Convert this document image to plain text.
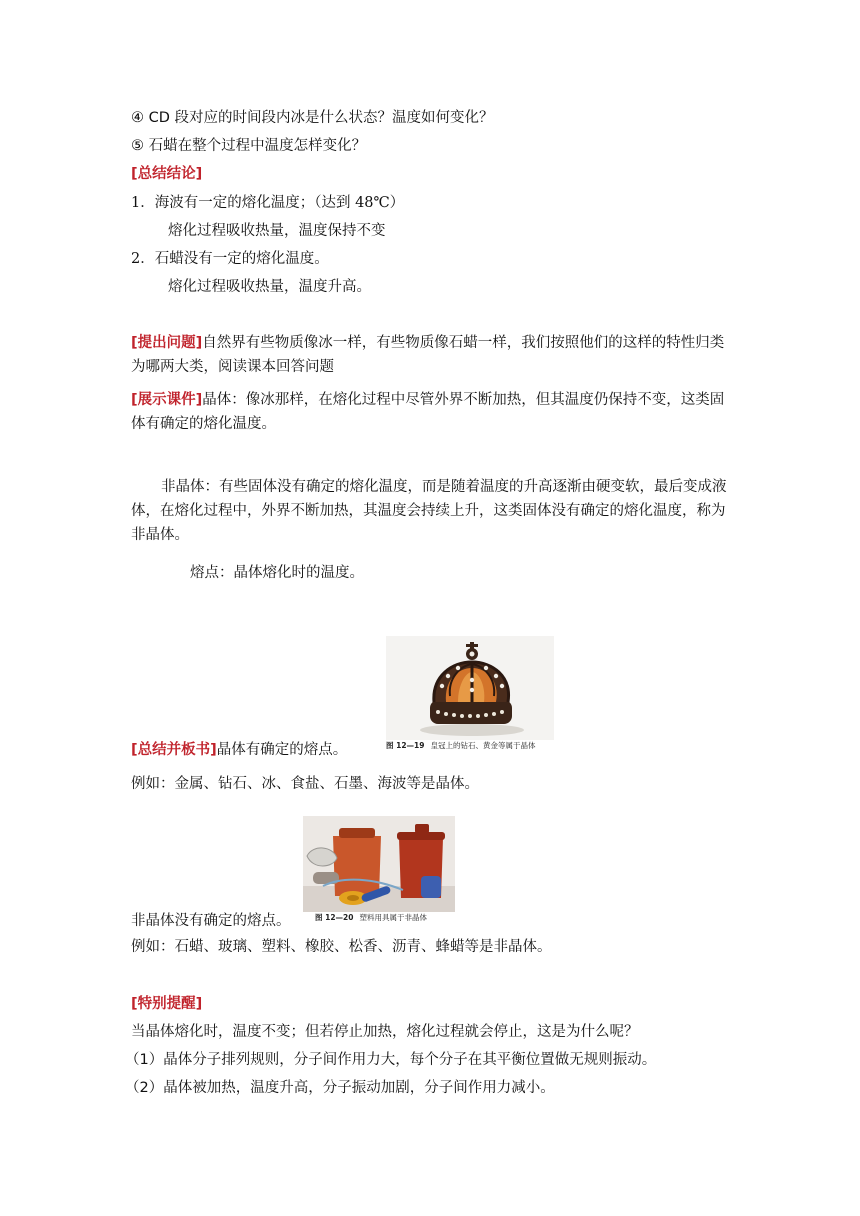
④ CD 段对应的时间段内冰是什么状态？温度如何变化？
⑤ 石蜡在整个过程中温度怎样变化？
[总结结论]
1．海波有一定的熔化温度；（达到 48℃）
熔化过程吸收热量，温度保持不变
2．石蜡没有一定的熔化温度。
熔化过程吸收热量，温度升高。
[提出问题]自然界有些物质像冰一样，有些物质像石蜡一样，我们按照他们的这样的特性归类为哪两大类，阅读课本回答问题
[展示课件]晶体：像冰那样，在熔化过程中尽管外界不断加热，但其温度仍保持不变，这类固体有确定的熔化温度。
非晶体：有些固体没有确定的熔化温度，而是随着温度的升高逐渐由硬变软，最后变成液体，在熔化过程中，外界不断加热，其温度会持续上升，这类固体没有确定的熔化温度，称为非晶体。
熔点：晶体熔化时的温度。
图 12—19 皇冠上的钻石、黄金等属于晶体
[总结并板书]晶体有确定的熔点。
例如：金属、钻石、冰、食盐、石墨、海波等是晶体。
图 12—20 塑料用具属于非晶体
非晶体没有确定的熔点。
例如：石蜡、玻璃、塑料、橡胶、松香、沥青、蜂蜡等是非晶体。
[特别提醒]
当晶体熔化时，温度不变；但若停止加热，熔化过程就会停止，这是为什么呢？
（1）晶体分子排列规则，分子间作用力大，每个分子在其平衡位置做无规则振动。
（2）晶体被加热，温度升高，分子振动加剧，分子间作用力减小。
